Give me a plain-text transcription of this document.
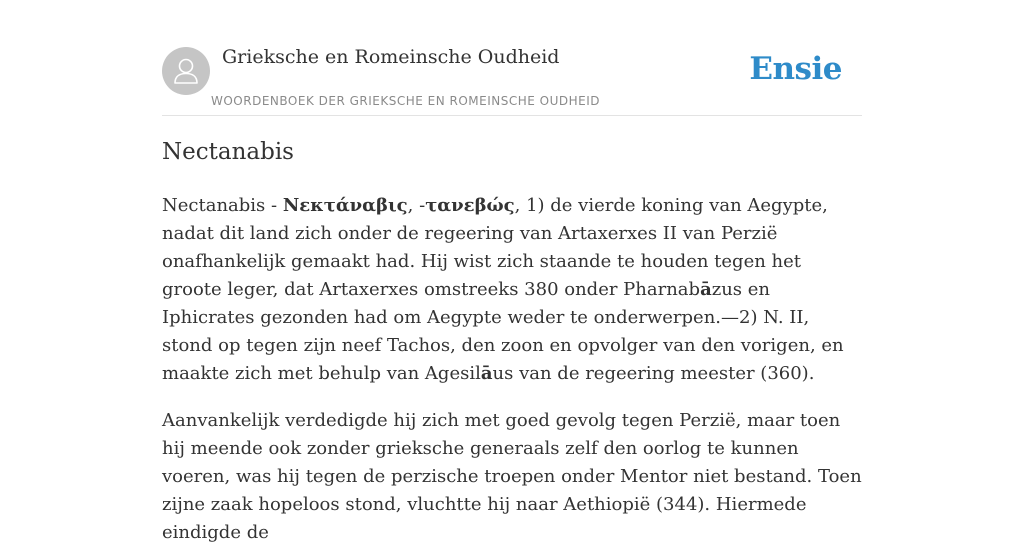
Grieksche en Romeinsche Oudheid
WOORDENBOEK DER GRIEKSCHE EN ROMEINSCHE OUDHEID
Ensie
Nectanabis

Nectanabis - Νεκτάναβις, -τανεβώς, 1) de vierde koning van Aegypte, nadat dit land zich onder de regeering van Artaxerxes II van Perzië onafhankelijk gemaakt had. Hij wist zich staande te houden tegen het groote leger, dat Artaxerxes omstreeks 380 onder Pharnabāzus en Iphicrates gezonden had om Aegypte weder te onderwerpen.—2) N. II, stond op tegen zijn neef Tachos, den zoon en opvolger van den vorigen, en maakte zich met behulp van Agesilāus van de regeering meester (360).

Aanvankelijk verdedigde hij zich met goed gevolg tegen Perzië, maar toen hij meende ook zonder grieksche generaals zelf den oorlog te kunnen voeren, was hij tegen de perzische troepen onder Mentor niet bestand. Toen zijne zaak hopeloos stond, vluchtte hij naar Aethiopië (344). Hiermede eindigde de
